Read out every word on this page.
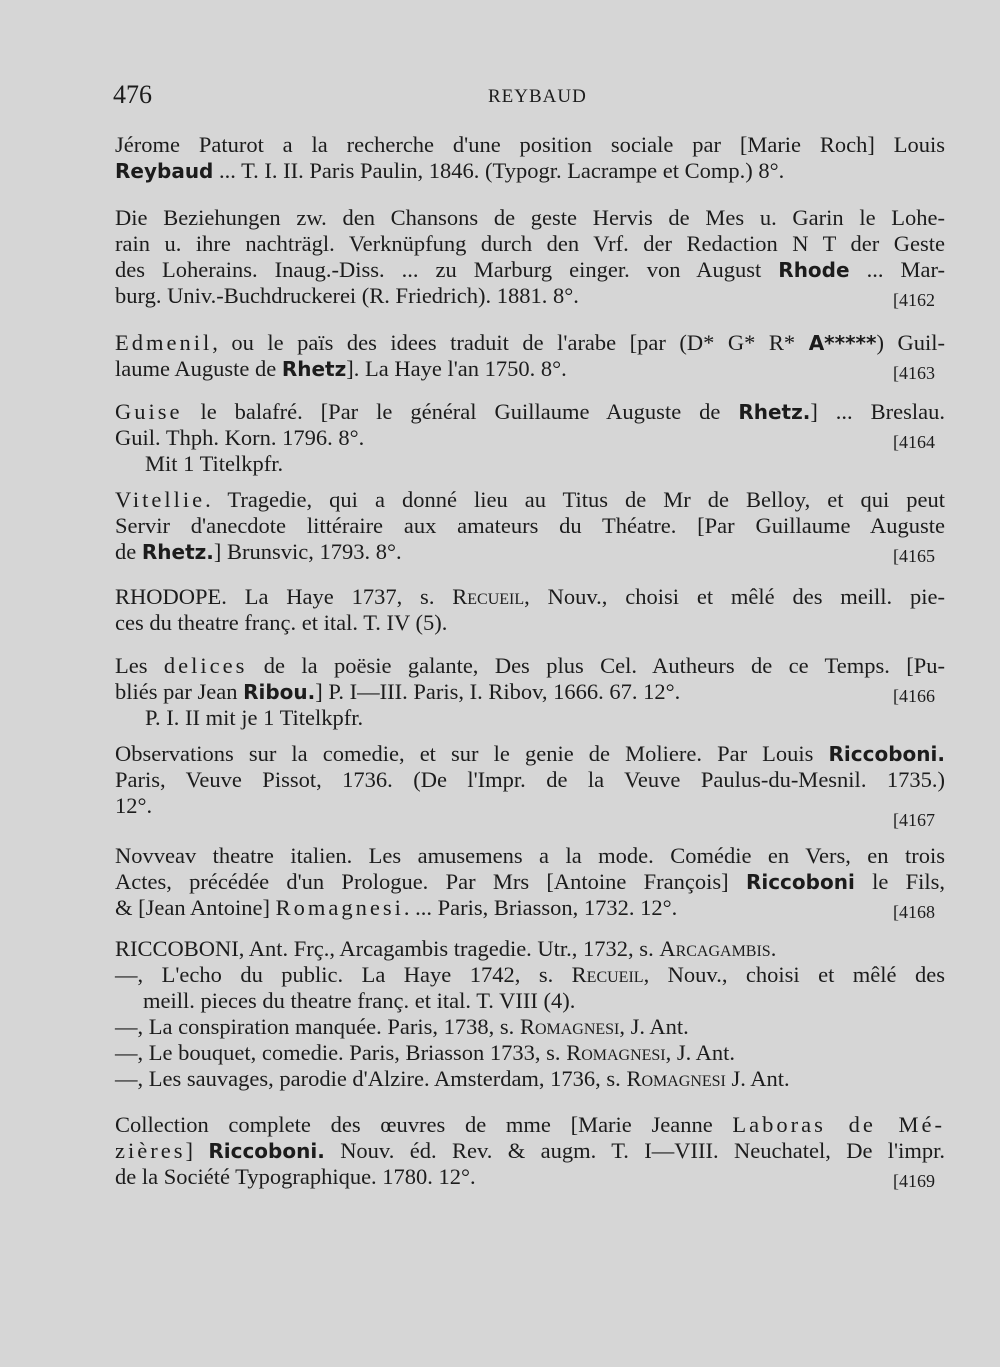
476	REYBAUD
Jérome Paturot a la recherche d'une position sociale par [Marie Roch] Louis
Reybaud ... T. I. II. Paris Paulin, 1846. (Typogr. Lacrampe et Comp.) 8°.
Die Beziehungen zw. den Chansons de geste Hervis de Mes u. Garin le Lohe-
rain u. ihre nachträgl. Verknüpfung durch den Vrf. der Redaction N T der Geste
des Loherains. Inaug.-Diss. ... zu Marburg einger. von August Rhode ... Mar-
burg. Univ.-Buchdruckerei (R. Friedrich). 1881. 8°.	[4162
Edmenil, ou le païs des idees traduit de l'arabe [par (D* G* R* A*****) Guil-
laume Auguste de Rhetz]. La Haye l'an 1750. 8°.	[4163
Guise le balafré. [Par le général Guillaume Auguste de Rhetz.] ... Breslau.
Guil. Thph. Korn. 1796. 8°.	[4164
Mit 1 Titelkpfr.
Vitellie. Tragedie, qui a donné lieu au Titus de Mr de Belloy, et qui peut
Servir d'anecdote littéraire aux amateurs du Théatre. [Par Guillaume Auguste
de Rhetz.] Brunsvic, 1793. 8°.	[4165
RHODOPE. La Haye 1737, s. Recueil, Nouv., choisi et mêlé des meill. pie-
ces du theatre franç. et ital. T. IV (5).
Les delices de la poësie galante, Des plus Cel. Autheurs de ce Temps. [Pu-
bliés par Jean Ribou.] P. I—III. Paris, I. Ribov, 1666. 67. 12°.	[4166
P. I. II mit je 1 Titelkpfr.
Observations sur la comedie, et sur le genie de Moliere. Par Louis Riccoboni.
Paris, Veuve Pissot, 1736. (De l'Impr. de la Veuve Paulus-du-Mesnil. 1735.)
12°.
[4167
Novveav theatre italien. Les amusemens a la mode. Comédie en Vers, en trois
Actes, précédée d'un Prologue. Par Mrs [Antoine François] Riccoboni le Fils,
& [Jean Antoine] Romagnesi. ... Paris, Briasson, 1732. 12°.	[4168
RICCOBONI, Ant. Frç., Arcagambis tragedie. Utr., 1732, s. Arcagambis.
—, L'echo du public. La Haye 1742, s. Recueil, Nouv., choisi et mêlé des
meill. pieces du theatre franç. et ital. T. VIII (4).
—, La conspiration manquée. Paris, 1738, s. Romagnesi, J. Ant.
—, Le bouquet, comedie. Paris, Briasson 1733, s. Romagnesi, J. Ant.
—, Les sauvages, parodie d'Alzire. Amsterdam, 1736, s. Romagnesi J. Ant.
Collection complete des œuvres de mme [Marie Jeanne Laboras de Mé-
zières] Riccoboni. Nouv. éd. Rev. & augm. T. I—VIII. Neuchatel, De l'impr.
de la Société Typographique. 1780. 12°.	[4169
